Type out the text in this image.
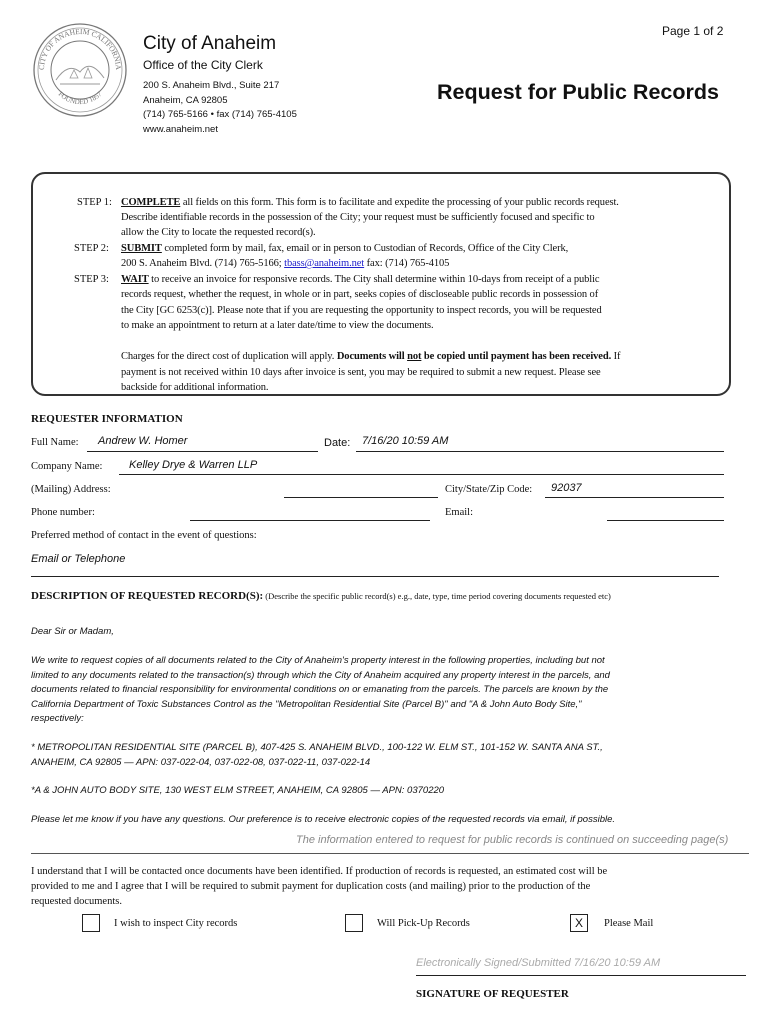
CITY OF ANAHEIM CALIFORNIA
FOUNDED 1857
Page 1 of 2
City of Anaheim
Office of the City Clerk
200 S. Anaheim Blvd., Suite 217
Anaheim, CA 92805
(714) 765-5166 • fax (714) 765-4105
www.anaheim.net
Request for Public Records
STEP 1: COMPLETE all fields on this form. This form is to facilitate and expedite the processing of your public records request.
Describe identifiable records in the possession of the City; your request must be sufficiently focused and specific to
allow the City to locate the requested record(s).
STEP 2: SUBMIT completed form by mail, fax, email or in person to Custodian of Records, Office of the City Clerk,
200 S. Anaheim Blvd. (714) 765-5166; tbass@anaheim.net fax: (714) 765-4105
STEP 3: WAIT to receive an invoice for responsive records. The City shall determine within 10-days from receipt of a public
records request, whether the request, in whole or in part, seeks copies of discloseable public records in possession of
the City [GC 6253(c)]. Please note that if you are requesting the opportunity to inspect records, you will be requested
to make an appointment to return at a later date/time to view the documents.
Charges for the direct cost of duplication will apply. Documents will not be copied until payment has been received. If
payment is not received within 10 days after invoice is sent, you may be required to submit a new request. Please see
backside for additional information.
REQUESTER INFORMATION
Full Name: Andrew W. Homer	Date: 7/16/20 10:59 AM
Company Name: Kelley Drye & Warren LLP
(Mailing) Address:	City/State/Zip Code: 92037
Phone number:	Email:
Preferred method of contact in the event of questions:
Email or Telephone
DESCRIPTION OF REQUESTED RECORD(S): (Describe the specific public record(s) e.g., date, type, time period covering documents requested etc)
Dear Sir or Madam,
We write to request copies of all documents related to the City of Anaheim's property interest in the following properties, including but not
limited to any documents related to the transaction(s) through which the City of Anaheim acquired any property interest in the parcels, and
documents related to financial responsibility for environmental conditions on or emanating from the parcels. The parcels are known by the
California Department of Toxic Substances Control as the "Metropolitan Residential Site (Parcel B)" and "A & John Auto Body Site,"
respectively:
* METROPOLITAN RESIDENTIAL SITE (PARCEL B), 407-425 S. ANAHEIM BLVD., 100-122 W. ELM ST., 101-152 W. SANTA ANA ST.,
ANAHEIM, CA 92805 — APN: 037-022-04, 037-022-08, 037-022-11, 037-022-14
*A & JOHN AUTO BODY SITE, 130 WEST ELM STREET, ANAHEIM, CA 92805 — APN: 0370220
Please let me know if you have any questions. Our preference is to receive electronic copies of the requested records via email, if possible.
The information entered to request for public records is continued on succeeding page(s)
I understand that I will be contacted once documents have been identified. If production of records is requested, an estimated cost will be
provided to me and I agree that I will be required to submit payment for duplication costs (and mailing) prior to the production of the
requested documents.
I wish to inspect City records	Will Pick-Up Records	X	Please Mail
Electronically Signed/Submitted 7/16/20 10:59 AM
SIGNATURE OF REQUESTER
